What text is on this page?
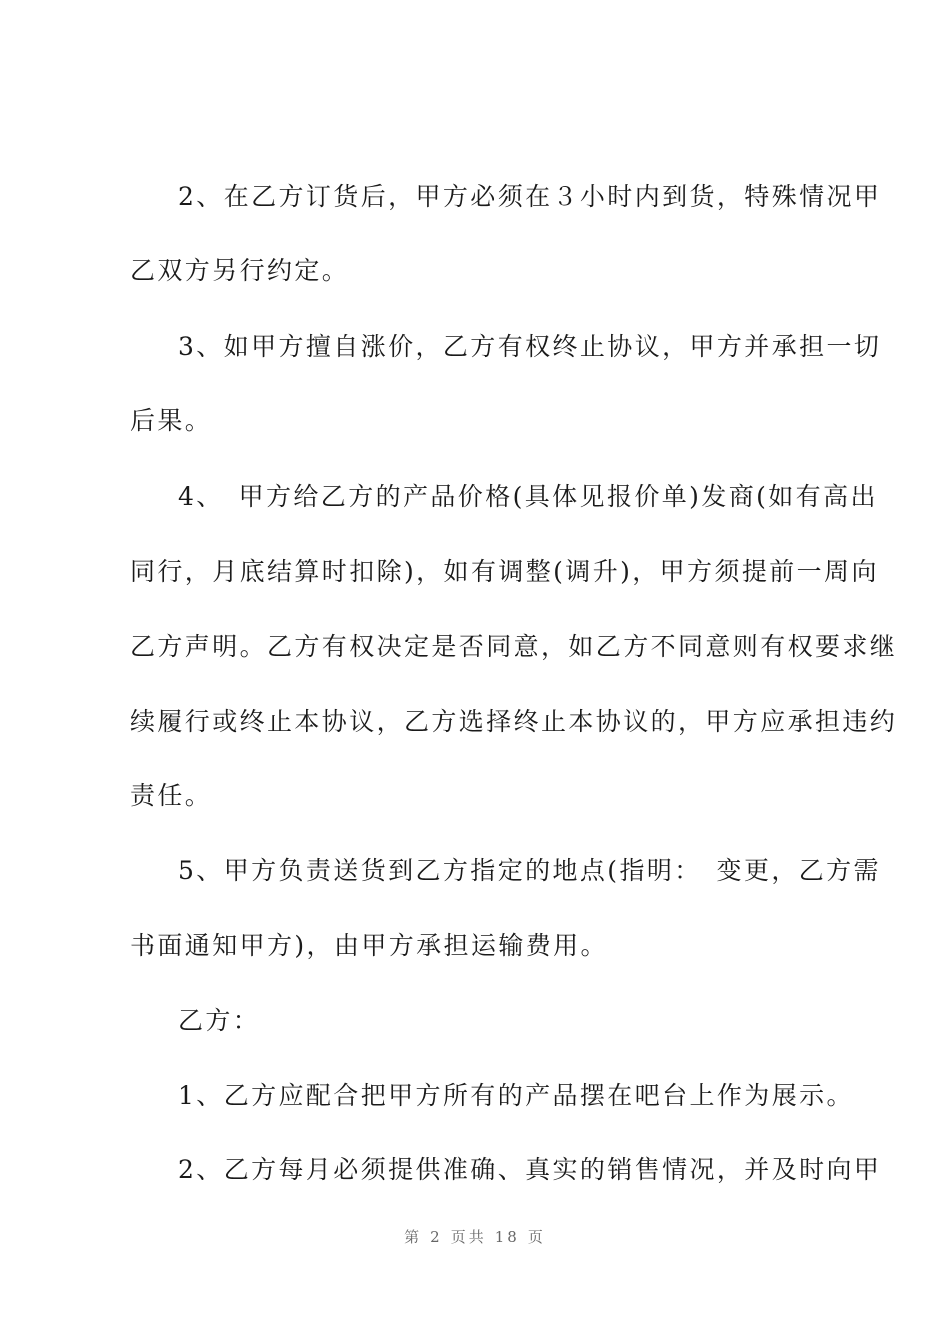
2、在乙方订货后，甲方必须在３小时内到货，特殊情况甲
乙双方另行约定。
3、如甲方擅自涨价，乙方有权终止协议，甲方并承担一切
后果。
4、　甲方给乙方的产品价格(具体见报价单)发商(如有高出
同行，月底结算时扣除)，如有调整(调升)，甲方须提前一周向
乙方声明。乙方有权决定是否同意，如乙方不同意则有权要求继
续履行或终止本协议，乙方选择终止本协议的，甲方应承担违约
责任。
5、甲方负责送货到乙方指定的地点(指明：　变更，乙方需
书面通知甲方)，由甲方承担运输费用。
乙方：
1、乙方应配合把甲方所有的产品摆在吧台上作为展示。
2、乙方每月必须提供准确、真实的销售情况，并及时向甲
第 2 页共 18 页
